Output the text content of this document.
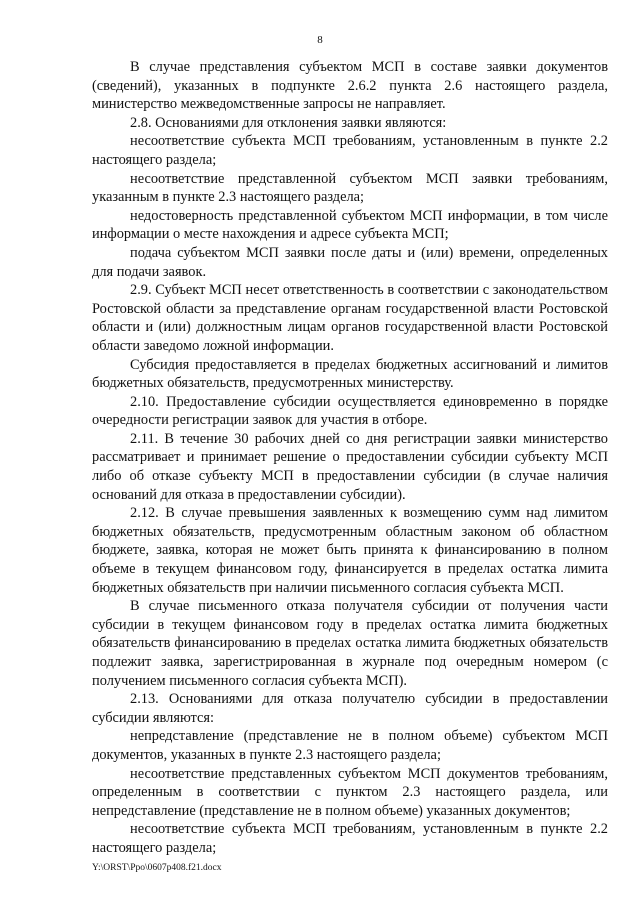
8

В случае представления субъектом МСП в составе заявки документов (сведений), указанных в подпункте 2.6.2 пункта 2.6 настоящего раздела, министерство межведомственные запросы не направляет.

2.8. Основаниями для отклонения заявки являются:

несоответствие субъекта МСП требованиям, установленным в пункте 2.2 настоящего раздела;

несоответствие представленной субъектом МСП заявки требованиям, указанным в пункте 2.3 настоящего раздела;

недостоверность представленной субъектом МСП информации, в том числе информации о месте нахождения и адресе субъекта МСП;

подача субъектом МСП заявки после даты и (или) времени, определенных для подачи заявок.

2.9. Субъект МСП несет ответственность в соответствии с законодательством Ростовской области за представление органам государственной власти Ростовской области и (или) должностным лицам органов государственной власти Ростовской области заведомо ложной информации.

Субсидия предоставляется в пределах бюджетных ассигнований и лимитов бюджетных обязательств, предусмотренных министерству.

2.10. Предоставление субсидии осуществляется единовременно в порядке очередности регистрации заявок для участия в отборе.

2.11. В течение 30 рабочих дней со дня регистрации заявки министерство рассматривает и принимает решение о предоставлении субсидии субъекту МСП либо об отказе субъекту МСП в предоставлении субсидии (в случае наличия оснований для отказа в предоставлении субсидии).

2.12. В случае превышения заявленных к возмещению сумм над лимитом бюджетных обязательств, предусмотренным областным законом об областном бюджете, заявка, которая не может быть принята к финансированию в полном объеме в текущем финансовом году, финансируется в пределах остатка лимита бюджетных обязательств при наличии письменного согласия субъекта МСП.

В случае письменного отказа получателя субсидии от получения части субсидии в текущем финансовом году в пределах остатка лимита бюджетных обязательств финансированию в пределах остатка лимита бюджетных обязательств подлежит заявка, зарегистрированная в журнале под очередным номером (с получением письменного согласия субъекта МСП).

2.13. Основаниями для отказа получателю субсидии в предоставлении субсидии являются:

непредставление (представление не в полном объеме) субъектом МСП документов, указанных в пункте 2.3 настоящего раздела;

несоответствие представленных субъектом МСП документов требованиям, определенным в соответствии с пунктом 2.3 настоящего раздела, или непредставление (представление не в полном объеме) указанных документов;

несоответствие субъекта МСП требованиям, установленным в пункте 2.2 настоящего раздела;

Y:\ORST\Ppo\0607p408.f21.docx
